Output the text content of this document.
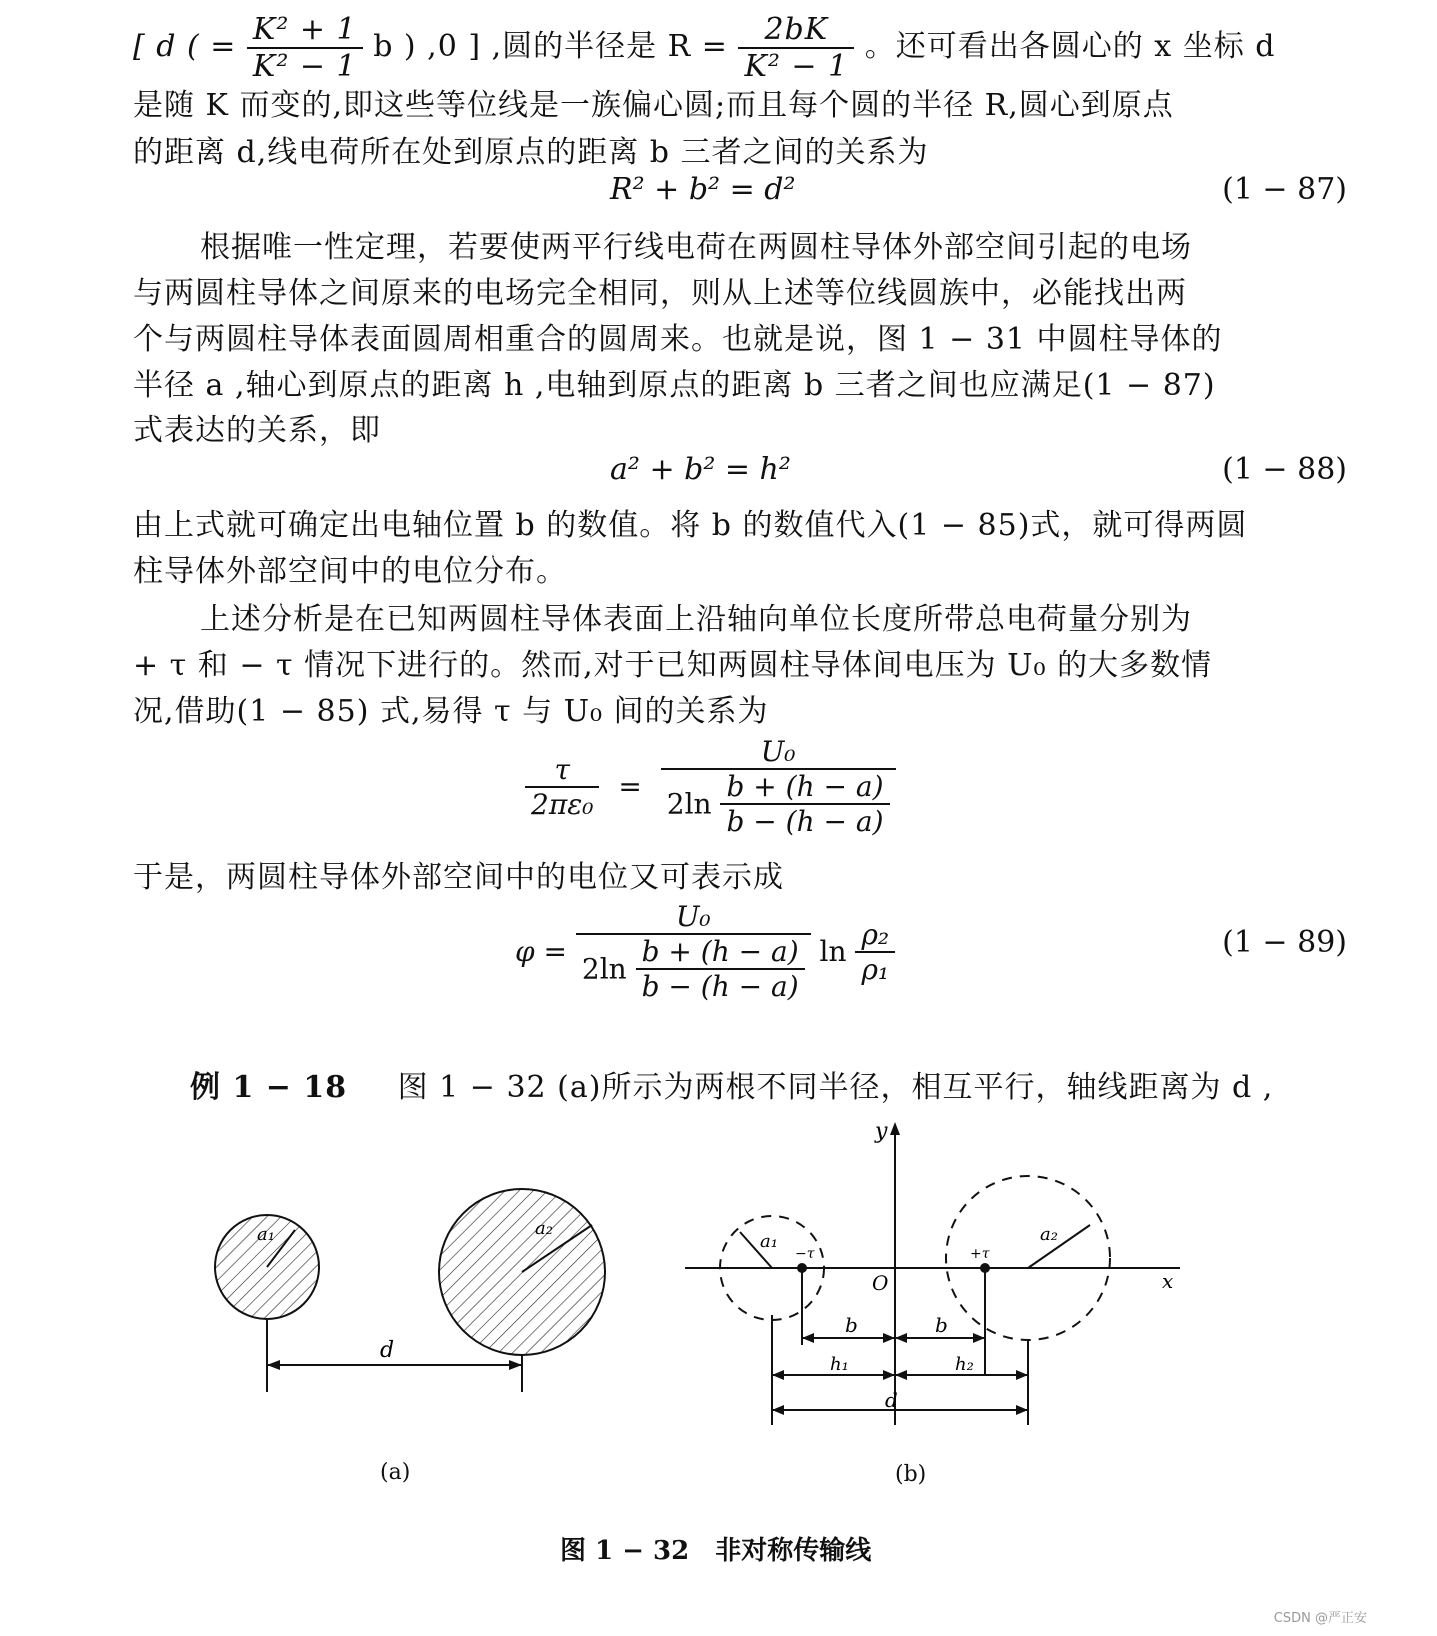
[ d ( = $\frac{\text{K² + 1}}{\text{K² − 1}}$ b ) ,0 ] ,圆的半径是 $R = \frac{2bK}{\text{K² − 1}}$ 。还可看出各圆心的 x 坐标 d
是随 K 而变的,即这些等位线是一族偏心圆;而且每个圆的半径 R,圆心到原点
的距离 d,线电荷所在处到原点的距离 b 三者之间的关系为
R² + b² = d²	(1 − 87)
根据唯一性定理，若要使两平行线电荷在两圆柱导体外部空间引起的电场
与两圆柱导体之间原来的电场完全相同，则从上述等位线圆族中，必能找出两
个与两圆柱导体表面圆周相重合的圆周来。也就是说，图 1 − 31 中圆柱导体的
半径 a ,轴心到原点的距离 h ,电轴到原点的距离 b 三者之间也应满足(1 − 87)
式表达的关系，即
a² + b² = h²	(1 − 88)
由上式就可确定出电轴位置 b 的数值。将 b 的数值代入(1 − 85)式，就可得两圆
柱导体外部空间中的电位分布。
上述分析是在已知两圆柱导体表面上沿轴向单位长度所带总电荷量分别为
+ τ 和 − τ 情况下进行的。然而,对于已知两圆柱导体间电压为 U₀ 的大多数情
况,借助(1 − 85) 式,易得 τ 与 U₀ 间的关系为
$\frac{\tau}{\text{2πε₀}} = \frac{\text{U₀}}{2\ln \frac{b + (h - a)}{b - (h - a)}}$
于是，两圆柱导体外部空间中的电位又可表示成
$\varphi = \frac{\text{U₀}}{2\ln \frac{b + (h - a)}{b - (h - a)}}$ $\ln \frac{\text{ρ₂}}{\text{ρ₁}}$	(1 − 89)
例 1 − 18 图 1 − 32 (a)所示为两根不同半径，相互平行，轴线距离为 d ,
a₁	a₂
d
(a)
y
x
O
a₁	a₂
−τ	+τ
b	b
h₁	h₂
d
(b)
图 1 − 32　非对称传输线
CSDN @严正安
